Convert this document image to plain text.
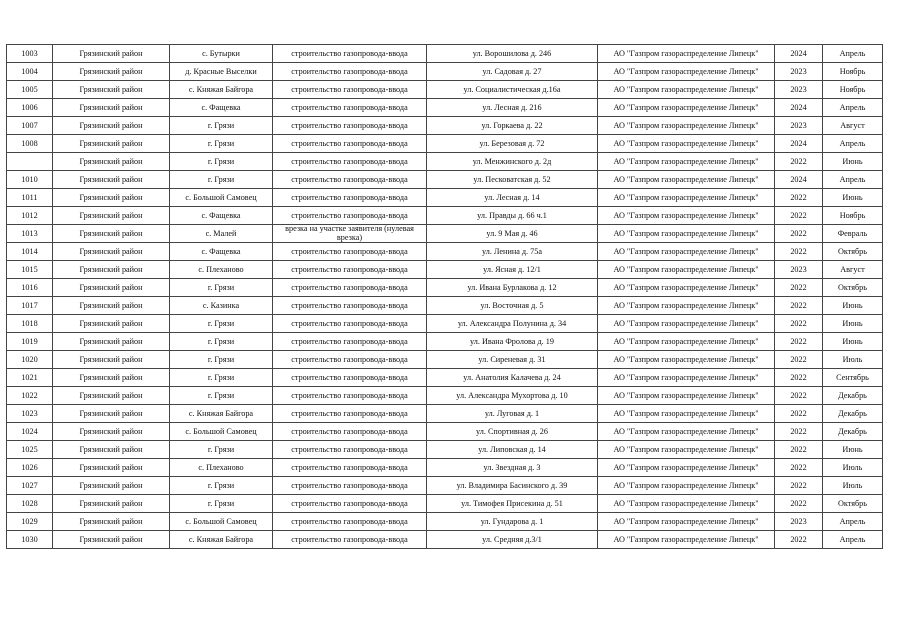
1003	Грязинский район	с. Бутырки	строительство газопровода-ввода	ул. Ворошилова д. 246	АО "Газпром газораспределение Липецк"	2024	Апрель
1004	Грязинский район	д. Красные Выселки	строительство газопровода-ввода	ул. Садовая д. 27	АО "Газпром газораспределение Липецк"	2023	Ноябрь
1005	Грязинский район	с. Княжая Байгора	строительство газопровода-ввода	ул. Социалистическая д.16а	АО "Газпром газораспределение Липецк"	2023	Ноябрь
1006	Грязинский район	с. Фащевка	строительство газопровода-ввода	ул. Лесная д. 216	АО "Газпром газораспределение Липецк"	2024	Апрель
1007	Грязинский район	г. Грязи	строительство газопровода-ввода	ул. Горкаева д. 22	АО "Газпром газораспределение Липецк"	2023	Август
1008	Грязинский район	г. Грязи	строительство газопровода-ввода	ул. Березовая д. 72	АО "Газпром газораспределение Липецк"	2024	Апрель
	Грязинский район	г. Грязи	строительство газопровода-ввода	ул. Менжинского д. 2д	АО "Газпром газораспределение Липецк"	2022	Июнь
1010	Грязинский район	г. Грязи	строительство газопровода-ввода	ул. Песковатская д. 52	АО "Газпром газораспределение Липецк"	2024	Апрель
1011	Грязинский район	с. Большой Самовец	строительство газопровода-ввода	ул. Лесная д. 14	АО "Газпром газораспределение Липецк"	2022	Июнь
1012	Грязинский район	с. Фащевка	строительство газопровода-ввода	ул. Правды д. 66 ч.1	АО "Газпром газораспределение Липецк"	2022	Ноябрь
1013	Грязинский район	с. Малей	врезка на участке заявителя (нулевая врезка)	ул. 9 Мая д. 46	АО "Газпром газораспределение Липецк"	2022	Февраль
1014	Грязинский район	с. Фащевка	строительство газопровода-ввода	ул. Ленина д. 75а	АО "Газпром газораспределение Липецк"	2022	Октябрь
1015	Грязинский район	с. Плеханово	строительство газопровода-ввода	ул. Ясная д. 12/1	АО "Газпром газораспределение Липецк"	2023	Август
1016	Грязинский район	г. Грязи	строительство газопровода-ввода	ул. Ивана Бурлакова д. 12	АО "Газпром газораспределение Липецк"	2022	Октябрь
1017	Грязинский район	с. Казинка	строительство газопровода-ввода	ул. Восточная д. 5	АО "Газпром газораспределение Липецк"	2022	Июнь
1018	Грязинский район	г. Грязи	строительство газопровода-ввода	ул. Александра Полунина д. 34	АО "Газпром газораспределение Липецк"	2022	Июнь
1019	Грязинский район	г. Грязи	строительство газопровода-ввода	ул. Ивана Фролова д. 19	АО "Газпром газораспределение Липецк"	2022	Июнь
1020	Грязинский район	г. Грязи	строительство газопровода-ввода	ул. Сиреневая д. 31	АО "Газпром газораспределение Липецк"	2022	Июль
1021	Грязинский район	г. Грязи	строительство газопровода-ввода	ул. Анатолия Калачева д. 24	АО "Газпром газораспределение Липецк"	2022	Сентябрь
1022	Грязинский район	г. Грязи	строительство газопровода-ввода	ул. Александра Мухортова д. 10	АО "Газпром газораспределение Липецк"	2022	Декабрь
1023	Грязинский район	с. Княжая Байгора	строительство газопровода-ввода	ул. Луговая д. 1	АО "Газпром газораспределение Липецк"	2022	Декабрь
1024	Грязинский район	с. Большой Самовец	строительство газопровода-ввода	ул. Спортивная д. 26	АО "Газпром газораспределение Липецк"	2022	Декабрь
1025	Грязинский район	г. Грязи	строительство газопровода-ввода	ул. Липовская д. 14	АО "Газпром газораспределение Липецк"	2022	Июнь
1026	Грязинский район	с. Плеханово	строительство газопровода-ввода	ул. Звездная д. 3	АО "Газпром газораспределение Липецк"	2022	Июль
1027	Грязинский район	г. Грязи	строительство газопровода-ввода	ул. Владимира Басинского д. 39	АО "Газпром газораспределение Липецк"	2022	Июль
1028	Грязинский район	г. Грязи	строительство газопровода-ввода	ул. Тимофея Присекина д. 51	АО "Газпром газораспределение Липецк"	2022	Октябрь
1029	Грязинский район	с. Большой Самовец	строительство газопровода-ввода	ул. Гундарова д. 1	АО "Газпром газораспределение Липецк"	2023	Апрель
1030	Грязинский район	с. Княжая Байгора	строительство газопровода-ввода	ул. Средняя д.3/1	АО "Газпром газораспределение Липецк"	2022	Апрель
